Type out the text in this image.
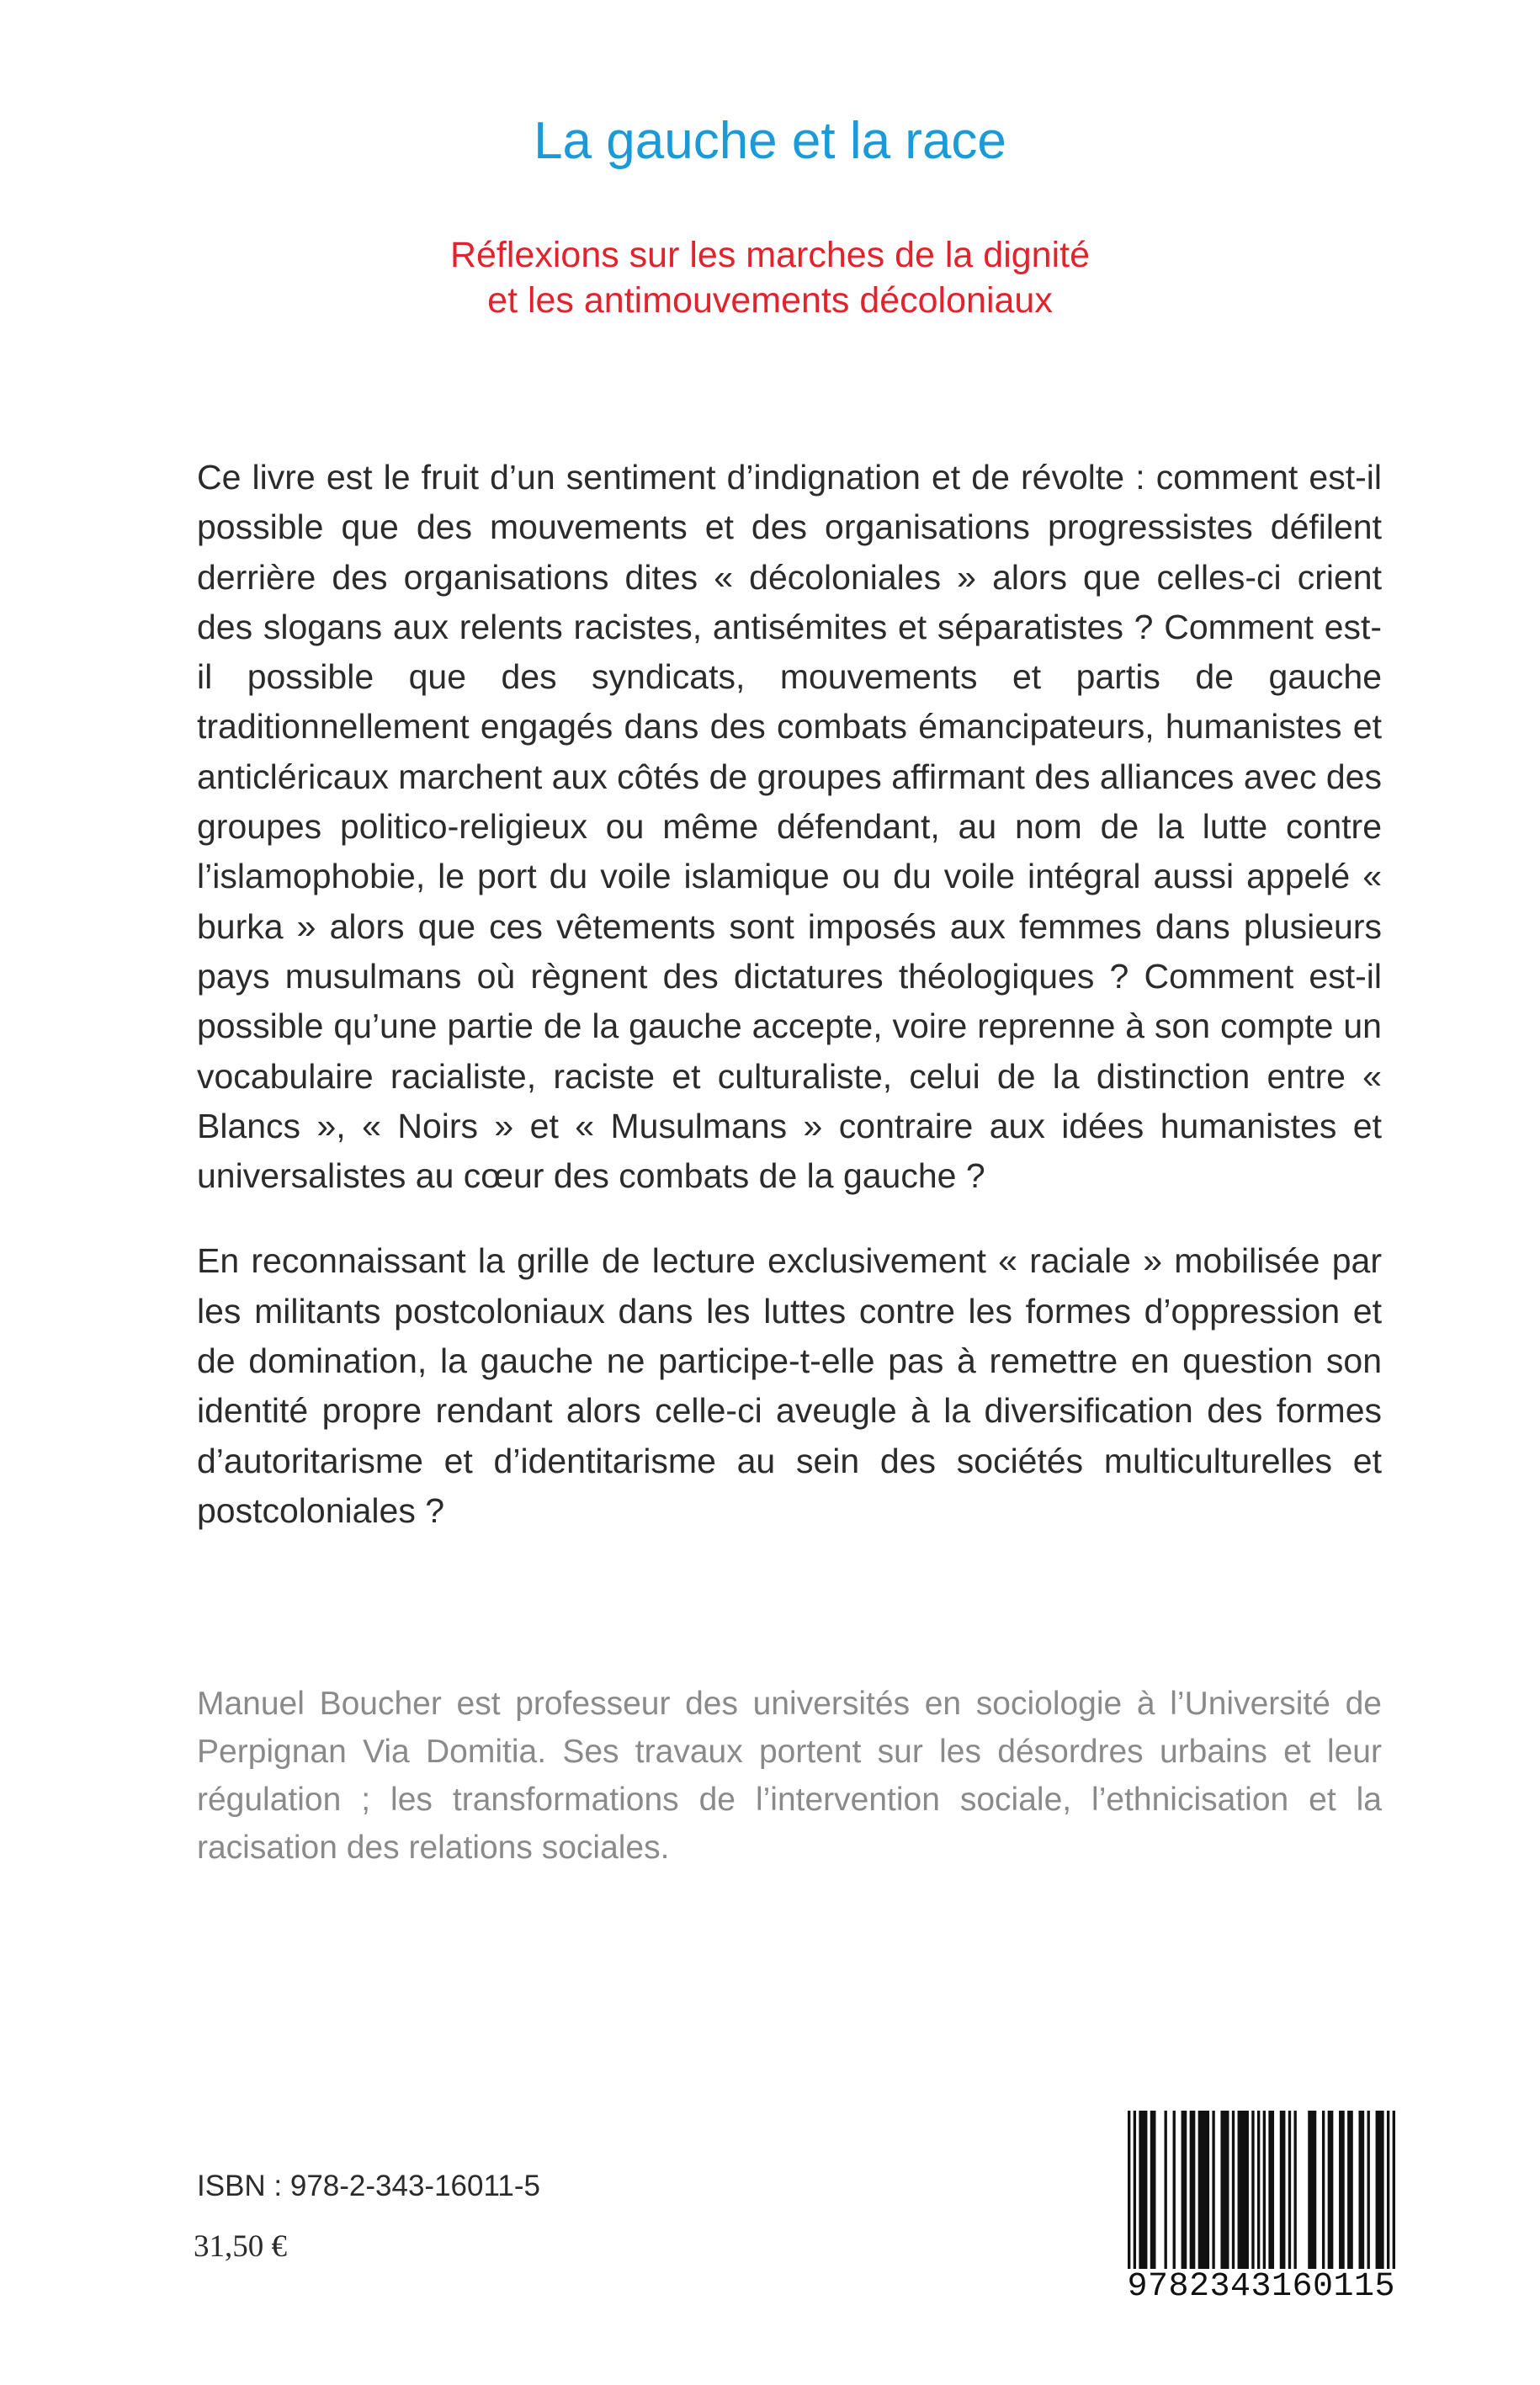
La gauche et la race
Réflexions sur les marches de la dignité
et les antimouvements décoloniaux

Ce livre est le fruit d’un sentiment d’indignation et de révolte : comment est-il possible que des mouvements et des organisations progressistes défilent derrière des organisations dites « décoloniales » alors que celles-ci crient des slogans aux relents racistes, antisémites et séparatistes ? Comment est-il possible que des syndicats, mouvements et partis de gauche traditionnellement engagés dans des combats émancipateurs, humanistes et anticléricaux marchent aux côtés de groupes affirmant des alliances avec des groupes politico-religieux ou même défendant, au nom de la lutte contre l’islamophobie, le port du voile islamique ou du voile intégral aussi appelé « burka » alors que ces vêtements sont imposés aux femmes dans plusieurs pays musulmans où règnent des dictatures théologiques ? Comment est-il possible qu’une partie de la gauche accepte, voire reprenne à son compte un vocabulaire racialiste, raciste et culturaliste, celui de la distinction entre « Blancs », « Noirs » et « Musulmans » contraire aux idées humanistes et universalistes au cœur des combats de la gauche ?

En reconnaissant la grille de lecture exclusivement « raciale » mobilisée par les militants postcoloniaux dans les luttes contre les formes d’oppression et de domination, la gauche ne participe-t-elle pas à remettre en question son identité propre rendant alors celle-ci aveugle à la diversification des formes d’autoritarisme et d’identitarisme au sein des sociétés multiculturelles et postcoloniales ?

Manuel Boucher est professeur des universités en sociologie à l’Université de Perpignan Via Domitia. Ses travaux portent sur les désordres urbains et leur régulation ; les transformations de l’intervention sociale, l’ethnicisation et la racisation des relations sociales.

ISBN : 978-2-343-16011-5

31,50 €

9782343160115
